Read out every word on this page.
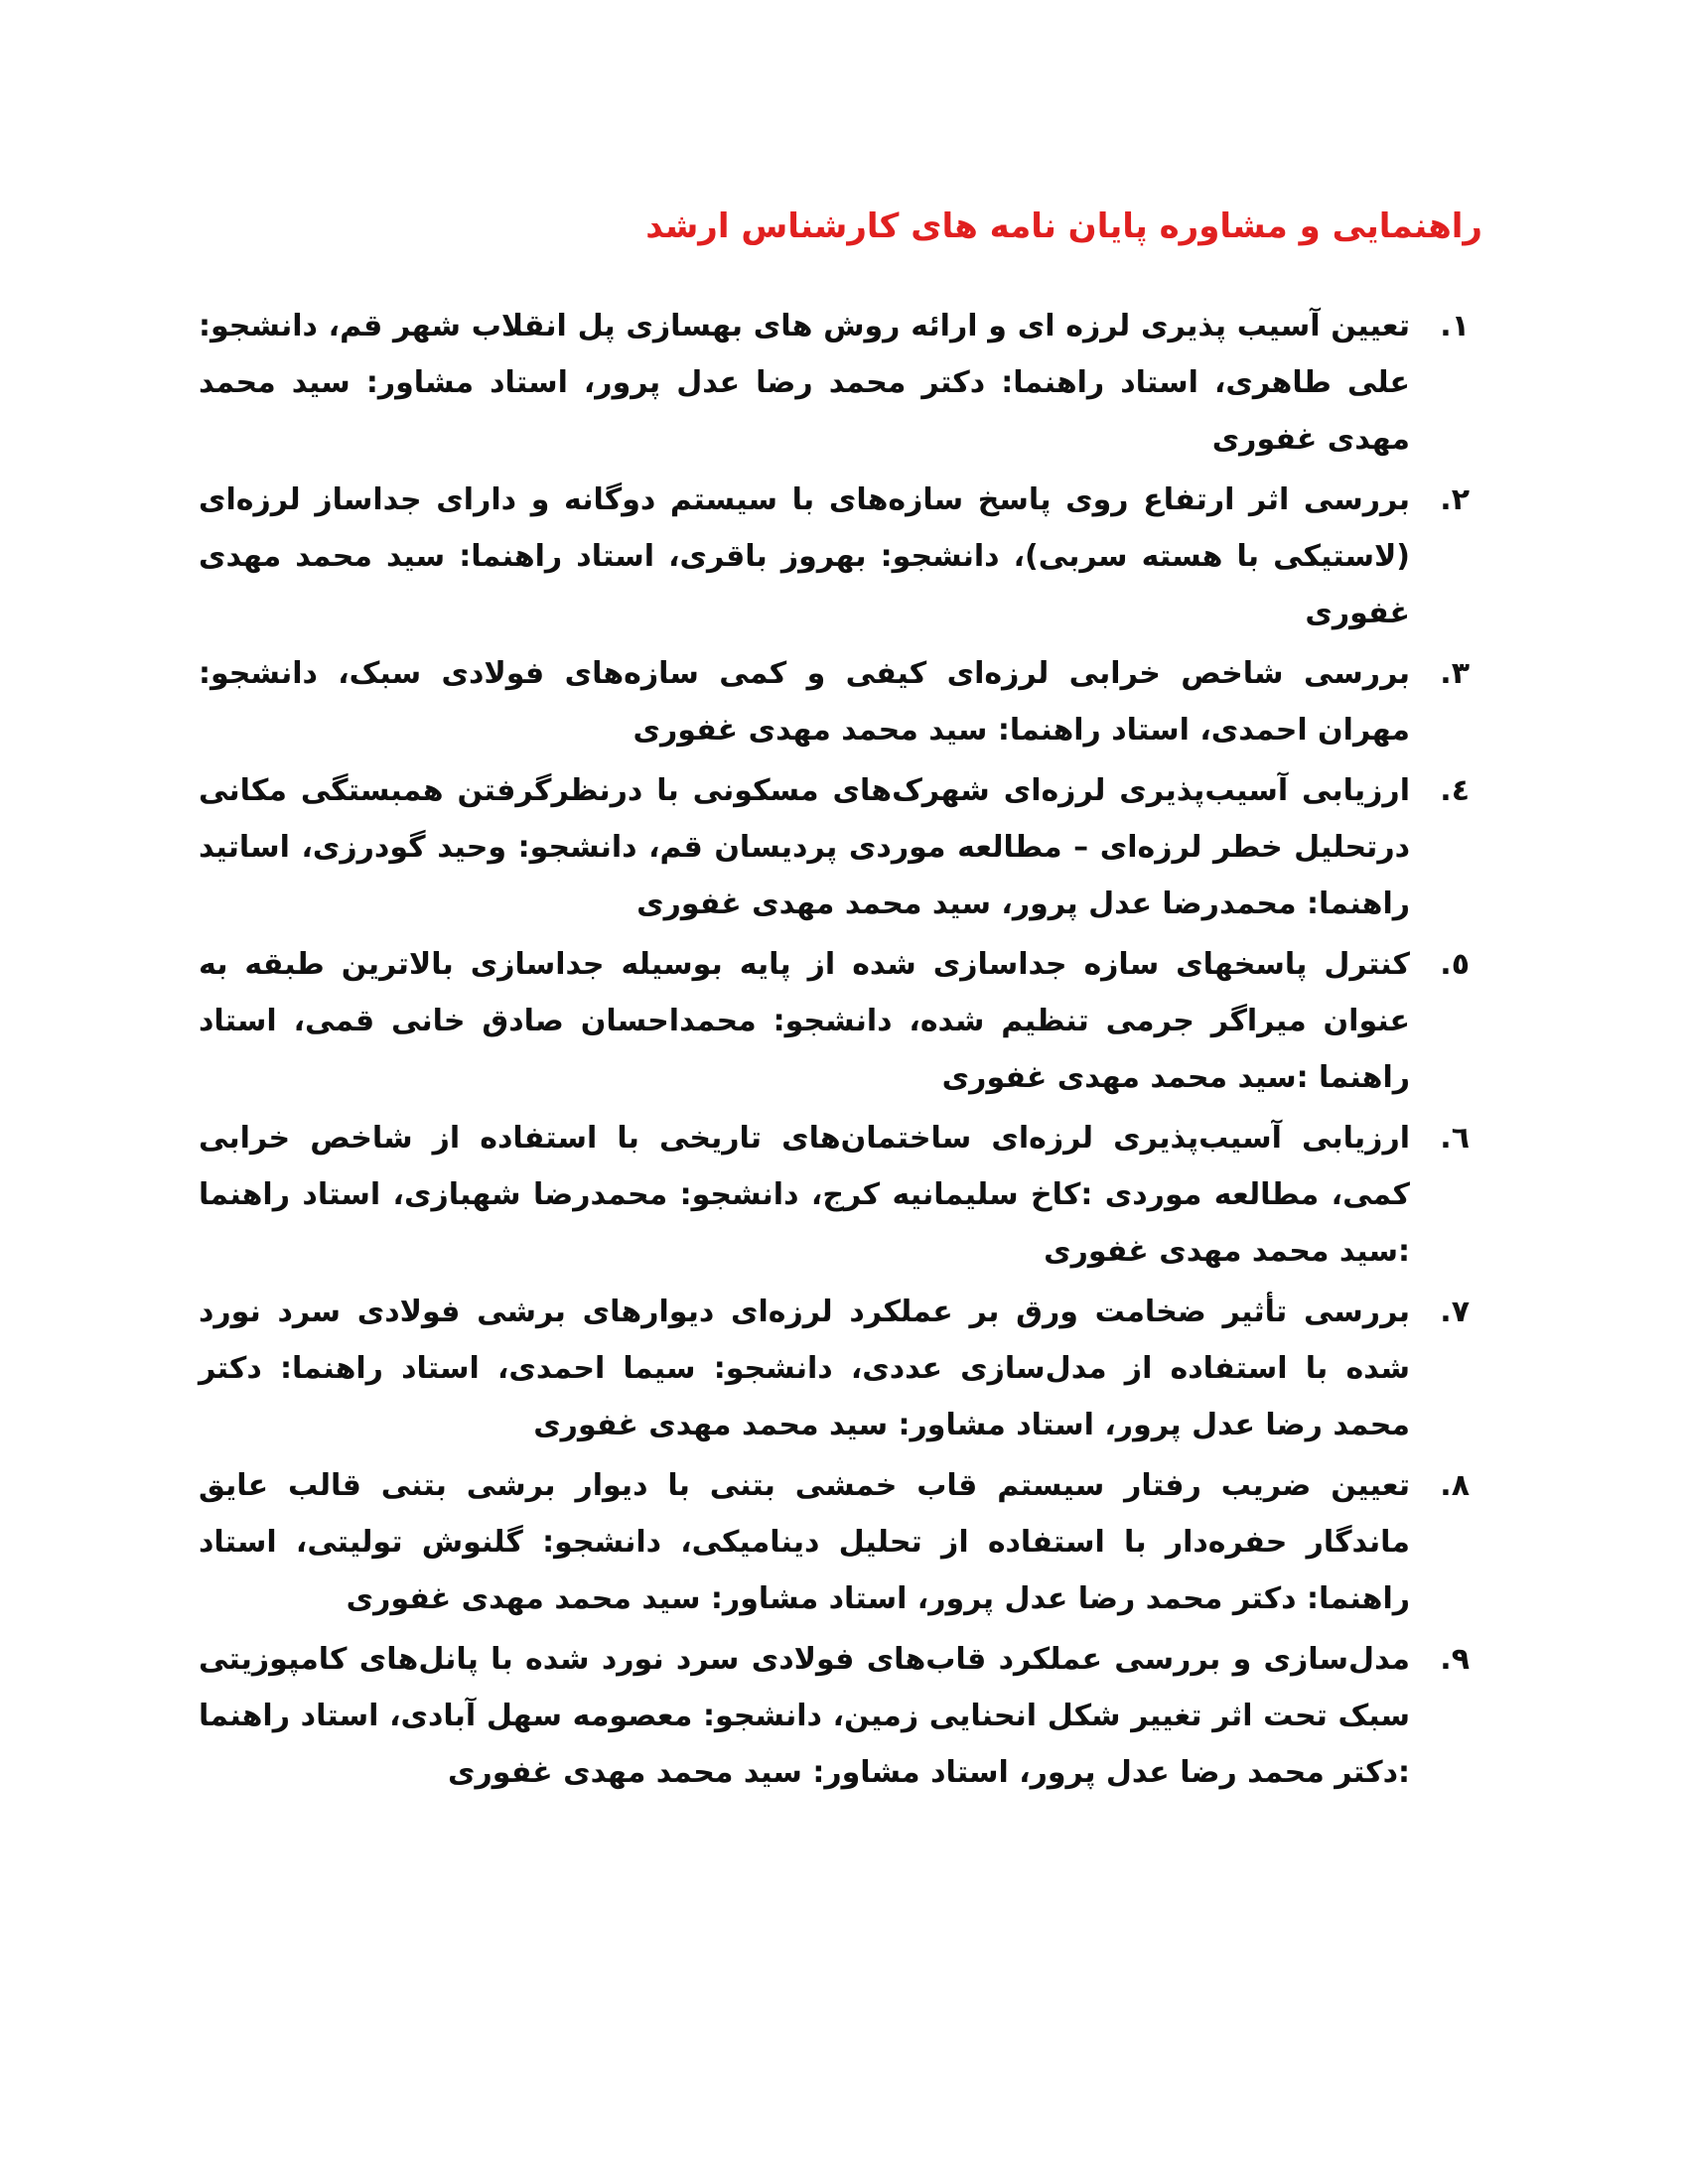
راهنمایی و مشاوره پایان نامه های کارشناس ارشد
۱.
تعیین آسیب پذیری لرزه ای و ارائه روش های بهسازی پل انقلاب شهر قم، دانشجو: علی طاهری، استاد راهنما: دکتر محمد رضا عدل پرور، استاد مشاور: سید محمد مهدی غفوری
۲.
بررسی اثر ارتفاع روی پاسخ سازه‌های با سیستم دوگانه و دارای جداساز لرزه‌ای (لاستیکی با هسته سربی)، دانشجو: بهروز باقری، استاد راهنما: سید محمد مهدی غفوری
۳.
بررسی شاخص خرابی لرزه‌ای کیفی و کمی سازه‌های فولادی سبک، دانشجو: مهران احمدی، استاد راهنما: سید محمد مهدی غفوری
٤.
ارزیابی آسیب‌پذیری لرزه‌ای شهرک‌های مسکونی با درنظرگرفتن همبستگی مکانی درتحلیل خطر لرزه‌ای – مطالعه موردی پردیسان قم، دانشجو: وحید گودرزی، اساتید راهنما: محمدرضا عدل پرور، سید محمد مهدی غفوری
٥.
کنترل پاسخهای سازه جداسازی شده از پایه بوسیله جداسازی بالاترین طبقه به عنوان میراگر جرمی تنظیم شده، دانشجو: محمداحسان صادق خانی قمی، استاد راهنما :سید محمد مهدی غفوری
٦.
ارزیابی آسیب‌پذیری لرزه‌ای ساختمان‌های تاریخی با استفاده از شاخص خرابی کمی، مطالعه موردی :کاخ سلیمانیه کرج، دانشجو: محمدرضا شهبازی، استاد راهنما :سید محمد مهدی غفوری
۷.
بررسی تأثیر ضخامت ورق بر عملکرد لرزه‌ای دیوارهای برشی فولادی سرد نورد شده با استفاده از مدل‌سازی عددی، دانشجو: سیما احمدی، استاد راهنما: دکتر محمد رضا عدل پرور، استاد مشاور: سید محمد مهدی غفوری
۸.
تعیین ضریب رفتار سیستم قاب خمشی بتنی با دیوار برشی بتنی قالب عایق ماندگار حفره‌دار با استفاده از تحلیل دینامیکی، دانشجو: گلنوش تولیتی، استاد راهنما: دکتر محمد رضا عدل پرور، استاد مشاور: سید محمد مهدی غفوری
۹.
مدل‌سازی و بررسی عملکرد قاب‌های فولادی سرد نورد شده با پانل‌های کامپوزیتی سبک تحت اثر تغییر شکل انحنایی زمین، دانشجو: معصومه سهل آبادی، استاد راهنما :دکتر محمد رضا عدل پرور، استاد مشاور: سید محمد مهدی غفوری
